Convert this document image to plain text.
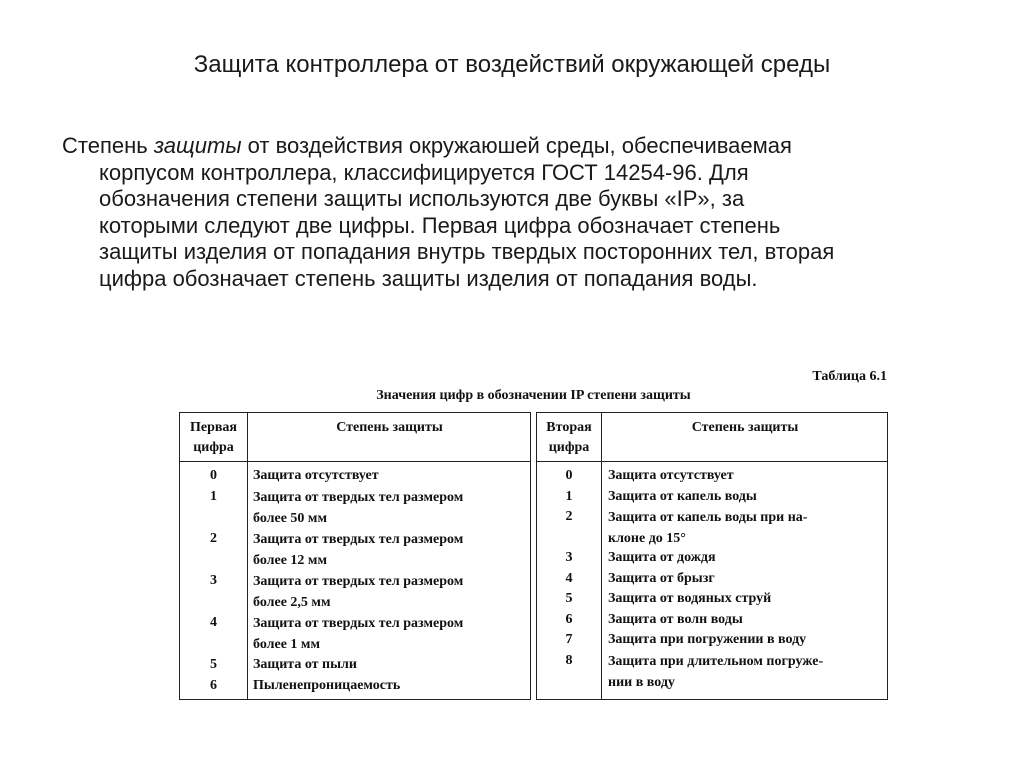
Защита контроллера от воздействий окружающей среды
Степень защиты от воздействия окружаюшей среды, обеспечиваемая
корпусом контроллера, классифицируется ГОСТ 14254-96. Для
обозначения степени защиты используются две буквы «IP», за
которыми следуют две цифры. Первая цифра обозначает степень
защиты изделия от попадания внутрь твердых посторонних тел, вторая
цифра обозначает степень защиты изделия от попадания воды.
Таблица 6.1
Значения цифр в обозначении IP степени защиты
Первая
цифра
Степень защиты
0	Защита отсутствует
1	Защита от твердых тел размером
более 50 мм
2	Защита от твердых тел размером
более 12 мм
3	Защита от твердых тел размером
более 2,5 мм
4	Защита от твердых тел размером
более 1 мм
5	Защита от пыли
6	Пыленепроницаемость
Вторая
цифра
Степень защиты
0	Защита отсутствует
1	Защита от капель воды
2	Защита от капель воды при на-
клоне до 15°
3	Защита от дождя
4	Защита от брызг
5	Защита от водяных струй
6	Защита от волн воды
7	Защита при погружении в воду
8	Защита при длительном погруже-
нии в воду
